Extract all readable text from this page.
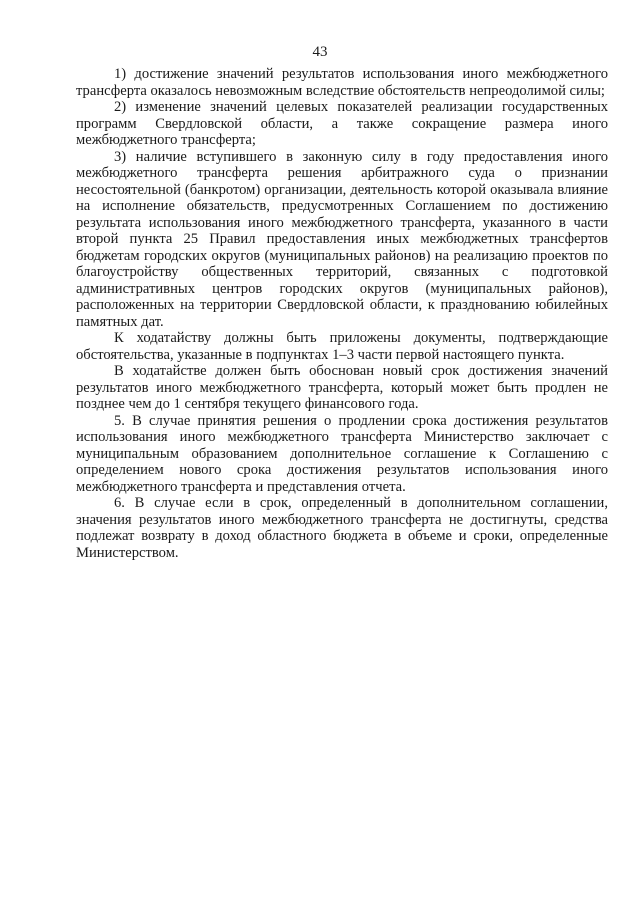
43

1) достижение значений результатов использования иного межбюджетного трансферта оказалось невозможным вследствие обстоятельств непреодолимой силы;

2) изменение значений целевых показателей реализации государственных программ Свердловской области, а также сокращение размера иного межбюджетного трансферта;

3) наличие вступившего в законную силу в году предоставления иного межбюджетного трансферта решения арбитражного суда о признании несостоятельной (банкротом) организации, деятельность которой оказывала влияние на исполнение обязательств, предусмотренных Соглашением по достижению результата использования иного межбюджетного трансферта, указанного в части второй пункта 25 Правил предоставления иных межбюджетных трансфертов бюджетам городских округов (муниципальных районов) на реализацию проектов по благоустройству общественных территорий, связанных с подготовкой административных центров городских округов (муниципальных районов), расположенных на территории Свердловской области, к празднованию юбилейных памятных дат.

К ходатайству должны быть приложены документы, подтверждающие обстоятельства, указанные в подпунктах 1–3 части первой настоящего пункта.

В ходатайстве должен быть обоснован новый срок достижения значений результатов иного межбюджетного трансферта, который может быть продлен не позднее чем до 1 сентября текущего финансового года.

5. В случае принятия решения о продлении срока достижения результатов использования иного межбюджетного трансферта Министерство заключает с муниципальным образованием дополнительное соглашение к Соглашению с определением нового срока достижения результатов использования иного межбюджетного трансферта и представления отчета.

6. В случае если в срок, определенный в дополнительном соглашении, значения результатов иного межбюджетного трансферта не достигнуты, средства подлежат возврату в доход областного бюджета в объеме и сроки, определенные Министерством.
